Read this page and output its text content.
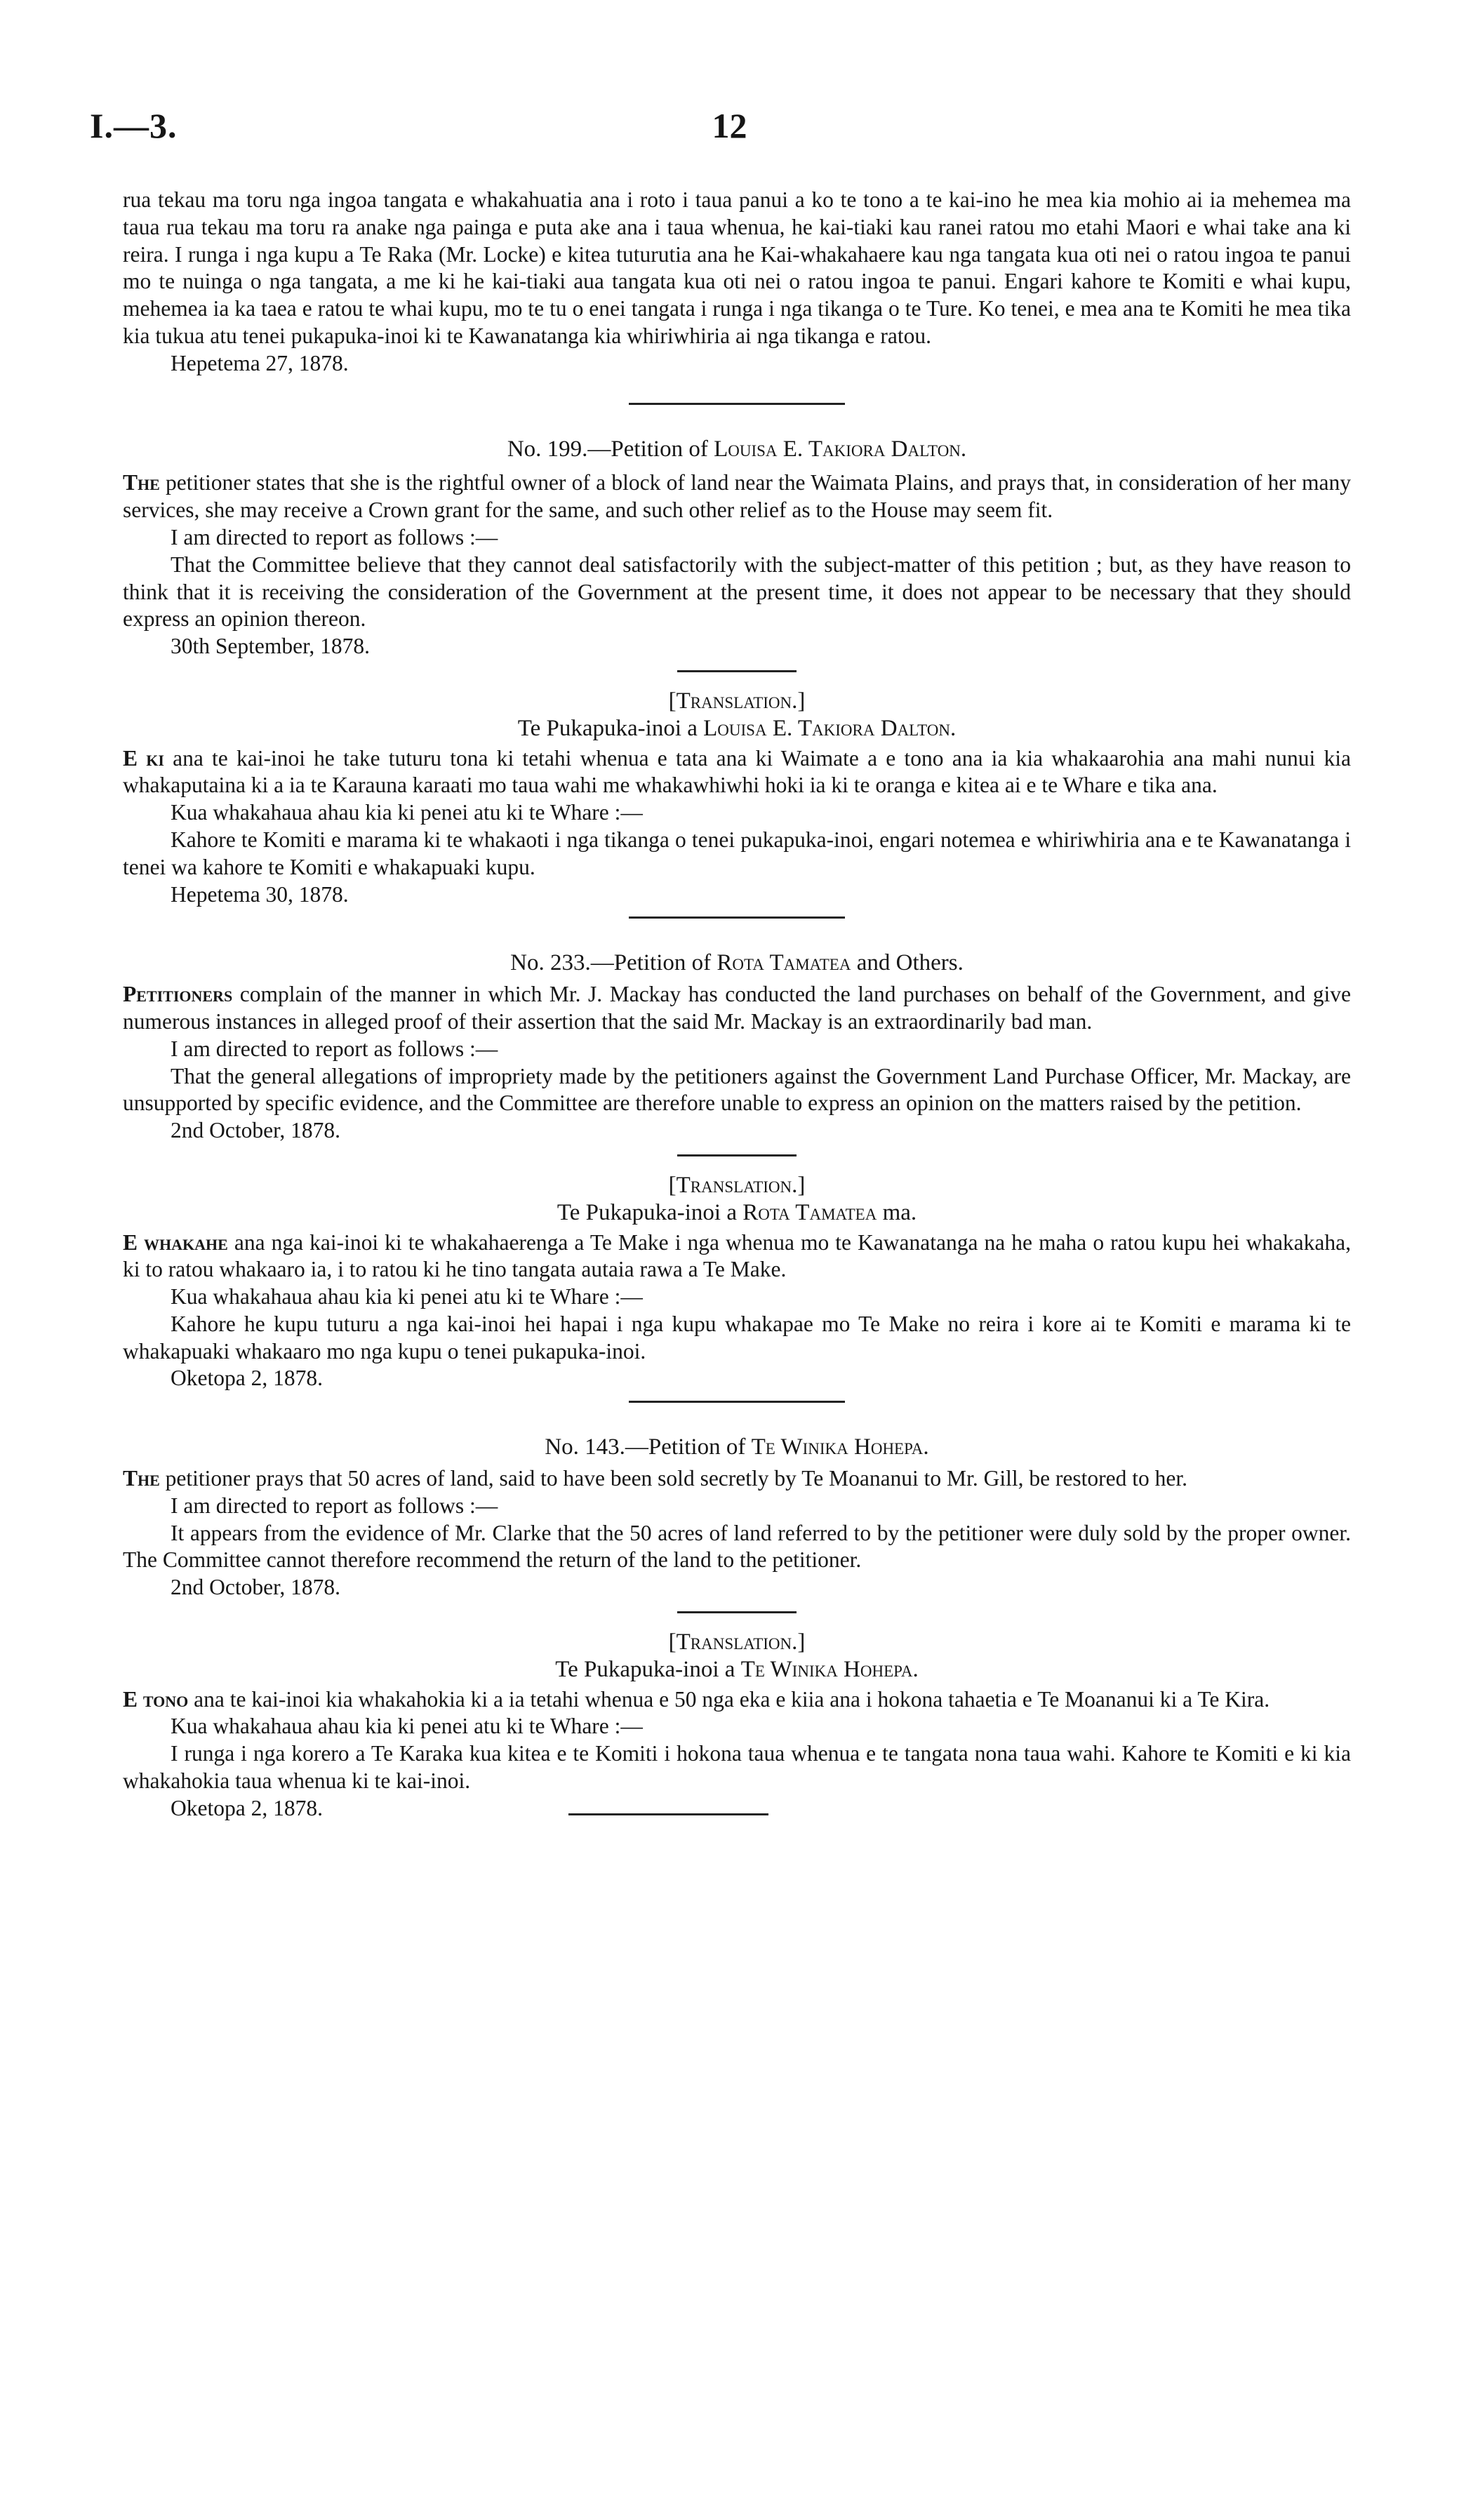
I.—3.	12

rua tekau ma toru nga ingoa tangata e whakahuatia ana i roto i taua panui a ko te tono a te kai-ino he mea kia mohio ai ia mehemea ma taua rua tekau ma toru ra anake nga painga e puta ake ana i taua whenua, he kai-tiaki kau ranei ratou mo etahi Maori e whai take ana ki reira. I runga i nga kupu a Te Raka (Mr. Locke) e kitea tuturutia ana he Kai-whakahaere kau nga tangata kua oti nei o ratou ingoa te panui mo te nuinga o nga tangata, a me ki he kai-tiaki aua tangata kua oti nei o ratou ingoa te panui. Engari kahore te Komiti e whai kupu, mehemea ia ka taea e ratou te whai kupu, mo te tu o enei tangata i runga i nga tikanga o te Ture. Ko tenei, e mea ana te Komiti he mea tika kia tukua atu tenei pukapuka-inoi ki te Kawanatanga kia whiriwhiria ai nga tikanga e ratou.

Hepetema 27, 1878.

No. 199.—Petition of Louisa E. Takiora Dalton.

The petitioner states that she is the rightful owner of a block of land near the Waimata Plains, and prays that, in consideration of her many services, she may receive a Crown grant for the same, and such other relief as to the House may seem fit.

I am directed to report as follows :—

That the Committee believe that they cannot deal satisfactorily with the subject-matter of this petition ; but, as they have reason to think that it is receiving the consideration of the Government at the present time, it does not appear to be necessary that they should express an opinion thereon.

30th September, 1878.

[Translation.]

Te Pukapuka-inoi a Louisa E. Takiora Dalton.

E ki ana te kai-inoi he take tuturu tona ki tetahi whenua e tata ana ki Waimate a e tono ana ia kia whakaarohia ana mahi nunui kia whakaputaina ki a ia te Karauna karaati mo taua wahi me whakawhiwhi hoki ia ki te oranga e kitea ai e te Whare e tika ana.

Kua whakahaua ahau kia ki penei atu ki te Whare :—

Kahore te Komiti e marama ki te whakaoti i nga tikanga o tenei pukapuka-inoi, engari notemea e whiriwhiria ana e te Kawanatanga i tenei wa kahore te Komiti e whakapuaki kupu.

Hepetema 30, 1878.

No. 233.—Petition of Rota Tamatea and Others.

Petitioners complain of the manner in which Mr. J. Mackay has conducted the land purchases on behalf of the Government, and give numerous instances in alleged proof of their assertion that the said Mr. Mackay is an extraordinarily bad man.

I am directed to report as follows :—

That the general allegations of impropriety made by the petitioners against the Government Land Purchase Officer, Mr. Mackay, are unsupported by specific evidence, and the Committee are therefore unable to express an opinion on the matters raised by the petition.

2nd October, 1878.

[Translation.]

Te Pukapuka-inoi a Rota Tamatea ma.

E whakahe ana nga kai-inoi ki te whakahaerenga a Te Make i nga whenua mo te Kawanatanga na he maha o ratou kupu hei whakakaha, ki to ratou whakaaro ia, i to ratou ki he tino tangata autaia rawa a Te Make.

Kua whakahaua ahau kia ki penei atu ki te Whare :—

Kahore he kupu tuturu a nga kai-inoi hei hapai i nga kupu whakapae mo Te Make no reira i kore ai te Komiti e marama ki te whakapuaki whakaaro mo nga kupu o tenei pukapuka-inoi.

Oketopa 2, 1878.

No. 143.—Petition of Te Winika Hohepa.

The petitioner prays that 50 acres of land, said to have been sold secretly by Te Moananui to Mr. Gill, be restored to her.

I am directed to report as follows :—

It appears from the evidence of Mr. Clarke that the 50 acres of land referred to by the petitioner were duly sold by the proper owner. The Committee cannot therefore recommend the return of the land to the petitioner.

2nd October, 1878.

[Translation.]

Te Pukapuka-inoi a Te Winika Hohepa.

E tono ana te kai-inoi kia whakahokia ki a ia tetahi whenua e 50 nga eka e kiia ana i hokona tahaetia e Te Moananui ki a Te Kira.

Kua whakahaua ahau kia ki penei atu ki te Whare :—

I runga i nga korero a Te Karaka kua kitea e te Komiti i hokona taua whenua e te tangata nona taua wahi. Kahore te Komiti e ki kia whakahokia taua whenua ki te kai-inoi.

Oketopa 2, 1878.
